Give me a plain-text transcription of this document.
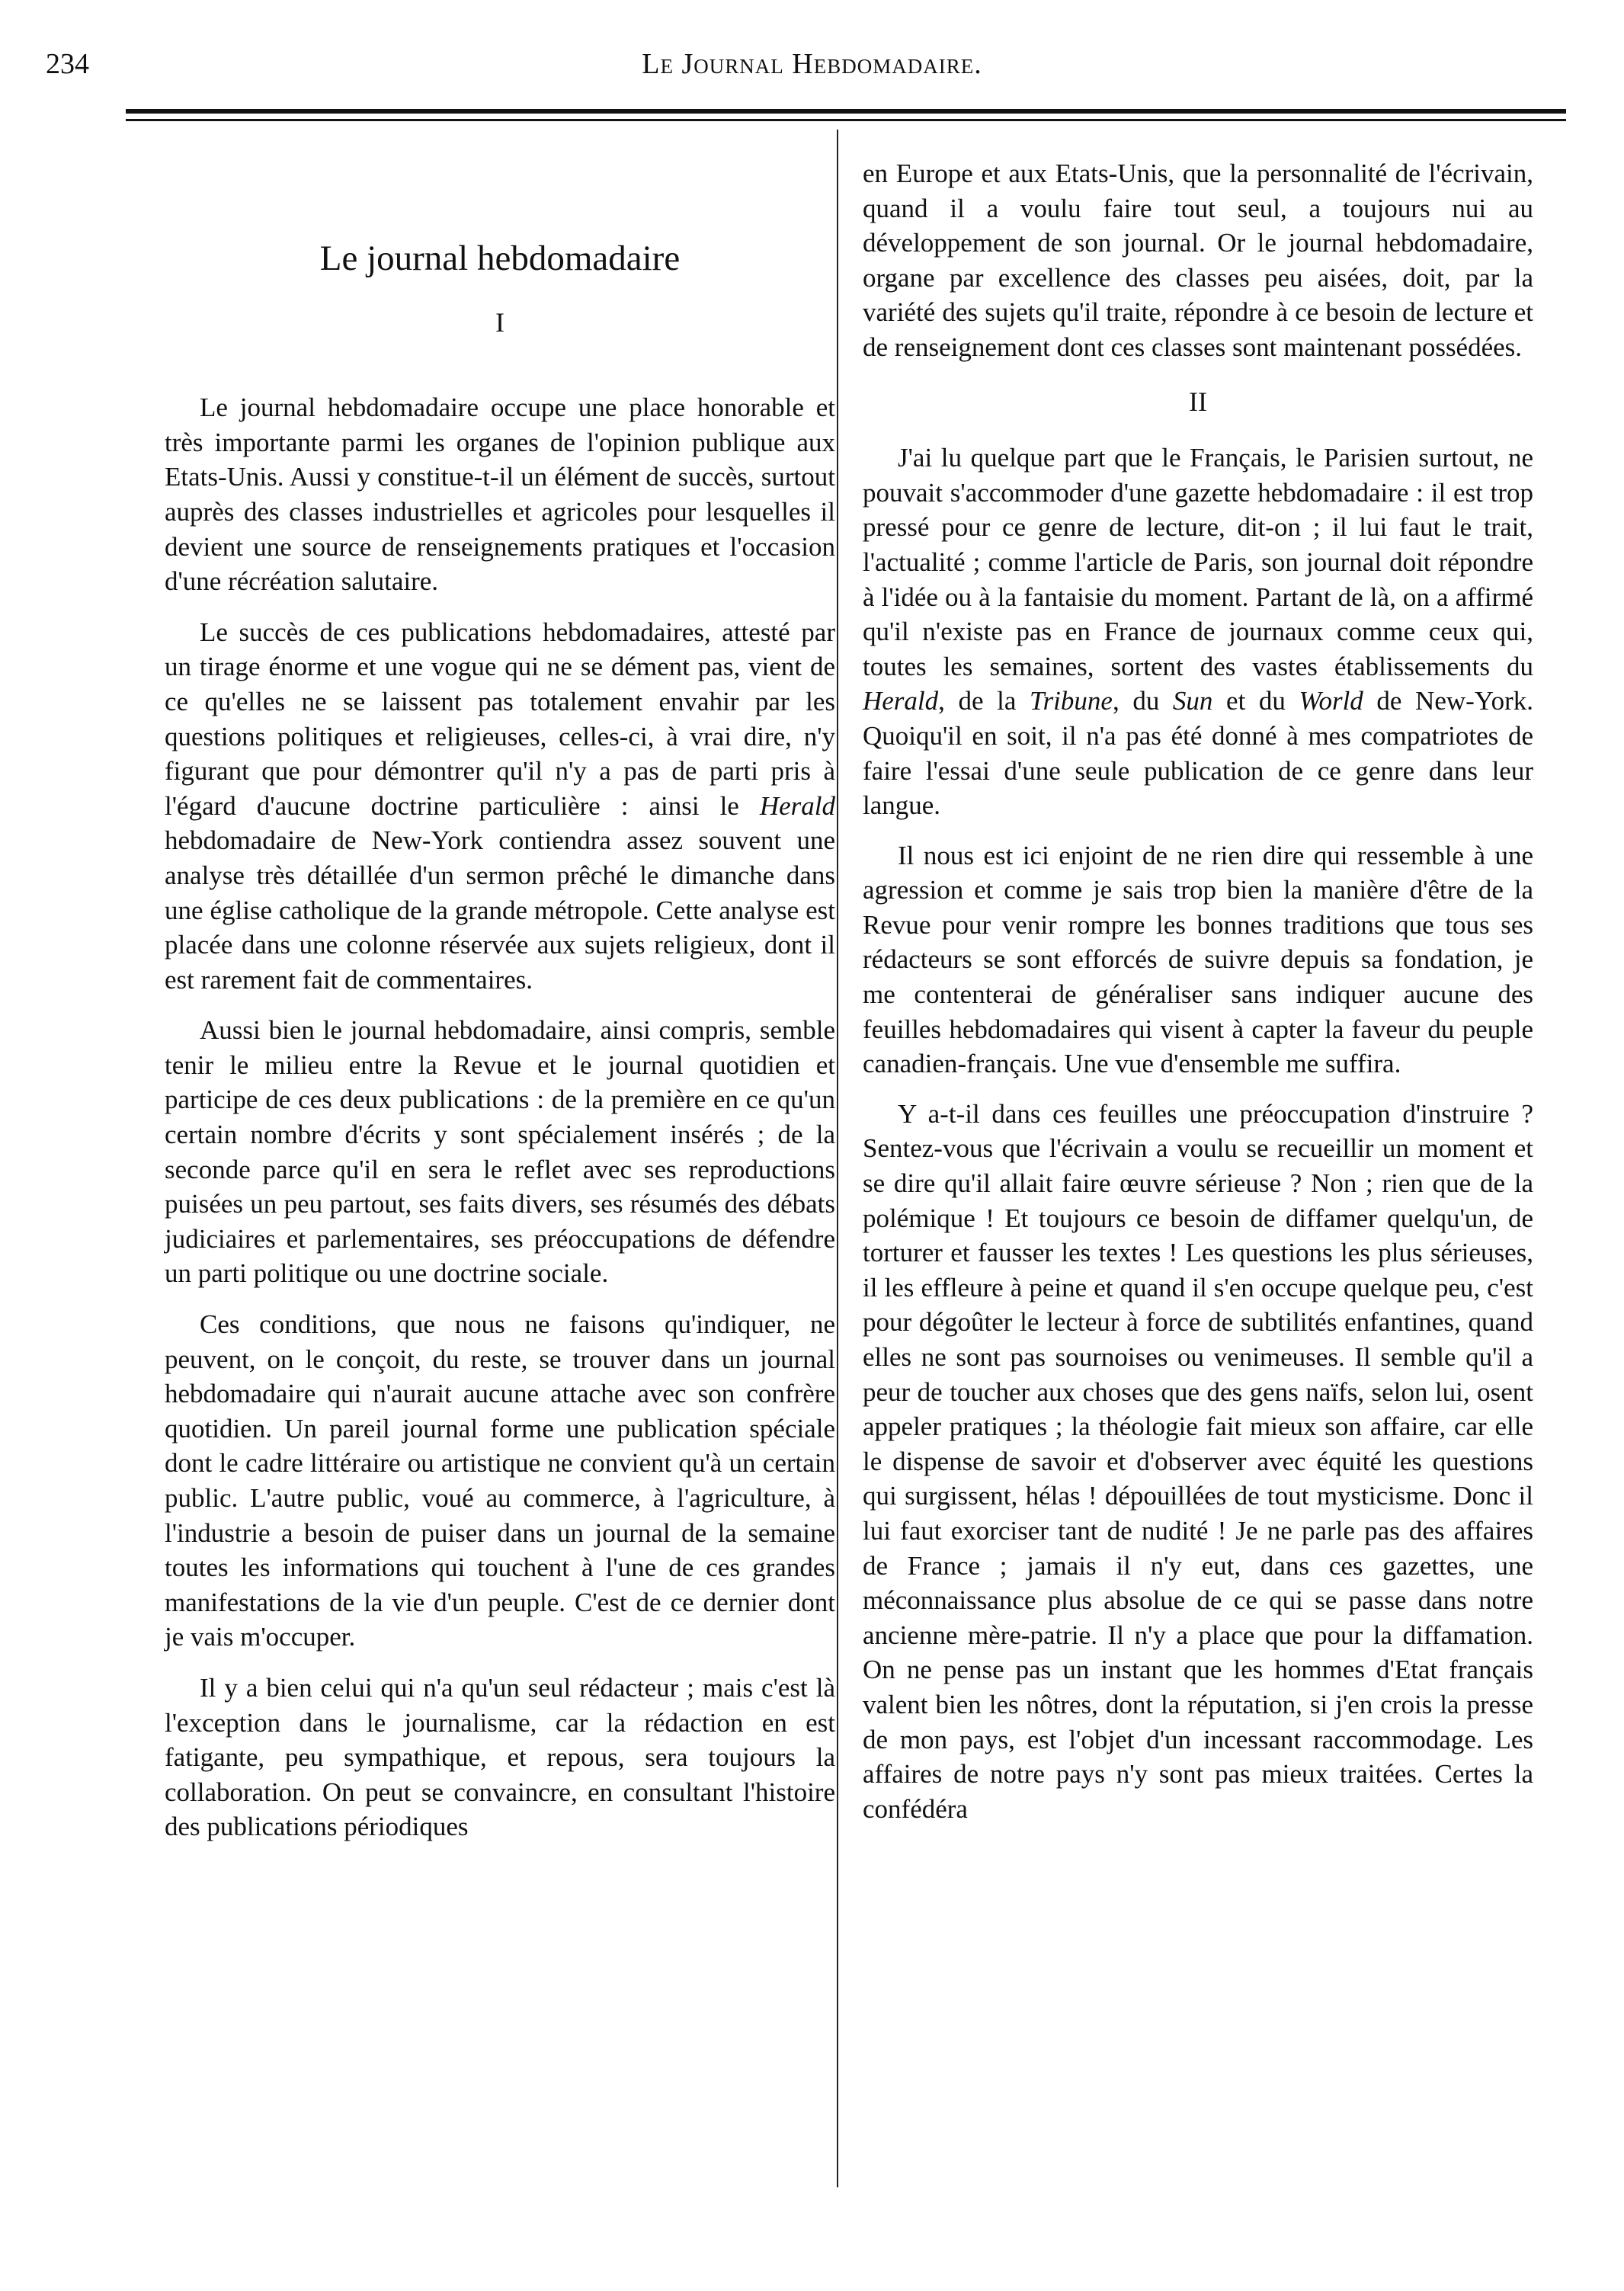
234	Le Journal Hebdomadaire.
Le journal hebdomadaire
I

Le journal hebdomadaire occupe une place honorable et très importante parmi les organes de l'opinion publique aux Etats-Unis. Aussi y constitue-t-il un élément de succès, surtout auprès des classes industrielles et agricoles pour lesquelles il devient une source de renseignements pratiques et l'occasion d'une récréation salutaire.

Le succès de ces publications hebdomadaires, attesté par un tirage énorme et une vogue qui ne se dément pas, vient de ce qu'elles ne se laissent pas totalement envahir par les questions politiques et religieuses, celles-ci, à vrai dire, n'y figurant que pour démontrer qu'il n'y a pas de parti pris à l'égard d'aucune doctrine particulière : ainsi le Herald hebdomadaire de New-York contiendra assez souvent une analyse très détaillée d'un sermon prêché le dimanche dans une église catholique de la grande métropole. Cette analyse est placée dans une colonne réservée aux sujets religieux, dont il est rarement fait de commentaires.

Aussi bien le journal hebdomadaire, ainsi compris, semble tenir le milieu entre la Revue et le journal quotidien et participe de ces deux publications : de la première en ce qu'un certain nombre d'écrits y sont spécialement insérés ; de la seconde parce qu'il en sera le reflet avec ses reproductions puisées un peu partout, ses faits divers, ses résumés des débats judiciaires et parlementaires, ses préoccupations de défendre un parti politique ou une doctrine sociale.

Ces conditions, que nous ne faisons qu'indiquer, ne peuvent, on le conçoit, du reste, se trouver dans un journal hebdomadaire qui n'aurait aucune attache avec son confrère quotidien. Un pareil journal forme une publication spéciale dont le cadre littéraire ou artistique ne convient qu'à un certain public. L'autre public, voué au commerce, à l'agriculture, à l'industrie a besoin de puiser dans un journal de la semaine toutes les informations qui touchent à l'une de ces grandes manifestations de la vie d'un peuple. C'est de ce dernier dont je vais m'occuper.

Il y a bien celui qui n'a qu'un seul rédacteur ; mais c'est là l'exception dans le journalisme, car la rédaction en est fatigante, peu sympathique, et repous, sera toujours la collaboration. On peut se convaincre, en consultant l'histoire des publications périodiques

en Europe et aux Etats-Unis, que la personnalité de l'écrivain, quand il a voulu faire tout seul, a toujours nui au développement de son journal. Or le journal hebdomadaire, organe par excellence des classes peu aisées, doit, par la variété des sujets qu'il traite, répondre à ce besoin de lecture et de renseignement dont ces classes sont maintenant possédées.

II

J'ai lu quelque part que le Français, le Parisien surtout, ne pouvait s'accommoder d'une gazette hebdomadaire : il est trop pressé pour ce genre de lecture, dit-on ; il lui faut le trait, l'actualité ; comme l'article de Paris, son journal doit répondre à l'idée ou à la fantaisie du moment. Partant de là, on a affirmé qu'il n'existe pas en France de journaux comme ceux qui, toutes les semaines, sortent des vastes établissements du Herald, de la Tribune, du Sun et du World de New-York. Quoiqu'il en soit, il n'a pas été donné à mes compatriotes de faire l'essai d'une seule publication de ce genre dans leur langue.

Il nous est ici enjoint de ne rien dire qui ressemble à une agression et comme je sais trop bien la manière d'être de la Revue pour venir rompre les bonnes traditions que tous ses rédacteurs se sont efforcés de suivre depuis sa fondation, je me contenterai de généraliser sans indiquer aucune des feuilles hebdomadaires qui visent à capter la faveur du peuple canadien-français. Une vue d'ensemble me suffira.

Y a-t-il dans ces feuilles une préoccupation d'instruire ? Sentez-vous que l'écrivain a voulu se recueillir un moment et se dire qu'il allait faire œuvre sérieuse ? Non ; rien que de la polémique ! Et toujours ce besoin de diffamer quelqu'un, de torturer et fausser les textes ! Les questions les plus sérieuses, il les effleure à peine et quand il s'en occupe quelque peu, c'est pour dégoûter le lecteur à force de subtilités enfantines, quand elles ne sont pas sournoises ou venimeuses. Il semble qu'il a peur de toucher aux choses que des gens naïfs, selon lui, osent appeler pratiques ; la théologie fait mieux son affaire, car elle le dispense de savoir et d'observer avec équité les questions qui surgissent, hélas ! dépouillées de tout mysticisme. Donc il lui faut exorciser tant de nudité ! Je ne parle pas des affaires de France ; jamais il n'y eut, dans ces gazettes, une méconnaissance plus absolue de ce qui se passe dans notre ancienne mère-patrie. Il n'y a place que pour la diffamation. On ne pense pas un instant que les hommes d'Etat français valent bien les nôtres, dont la réputation, si j'en crois la presse de mon pays, est l'objet d'un incessant raccommodage. Les affaires de notre pays n'y sont pas mieux traitées. Certes la confédéra
